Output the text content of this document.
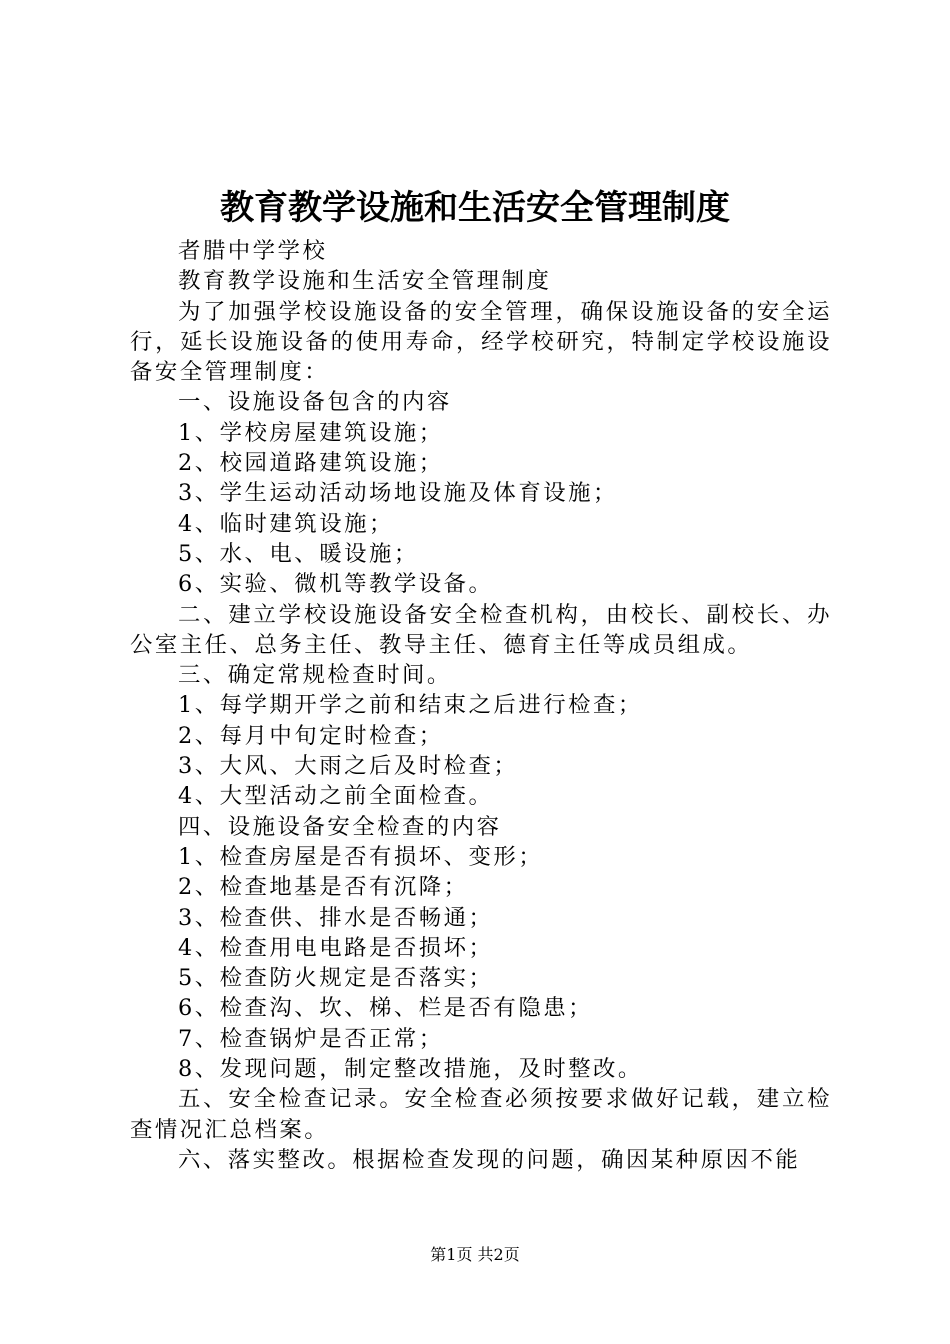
教育教学设施和生活安全管理制度

者腊中学学校

教育教学设施和生活安全管理制度

为了加强学校设施设备的安全管理，确保设施设备的安全运行，延长设施设备的使用寿命，经学校研究，特制定学校设施设备安全管理制度：

一、设施设备包含的内容

1、学校房屋建筑设施；

2、校园道路建筑设施；

3、学生运动活动场地设施及体育设施；

4、临时建筑设施；

5、水、电、暖设施；

6、实验、微机等教学设备。

二、建立学校设施设备安全检查机构，由校长、副校长、办公室主任、总务主任、教导主任、德育主任等成员组成。

三、确定常规检查时间。

1、每学期开学之前和结束之后进行检查；

2、每月中旬定时检查；

3、大风、大雨之后及时检查；

4、大型活动之前全面检查。

四、设施设备安全检查的内容

1、检查房屋是否有损坏、变形；

2、检查地基是否有沉降；

3、检查供、排水是否畅通；

4、检查用电电路是否损坏；

5、检查防火规定是否落实；

6、检查沟、坎、梯、栏是否有隐患；

7、检查锅炉是否正常；

8、发现问题，制定整改措施，及时整改。

五、安全检查记录。安全检查必须按要求做好记载，建立检查情况汇总档案。

六、落实整改。根据检查发现的问题，确因某种原因不能

第1页 共2页
